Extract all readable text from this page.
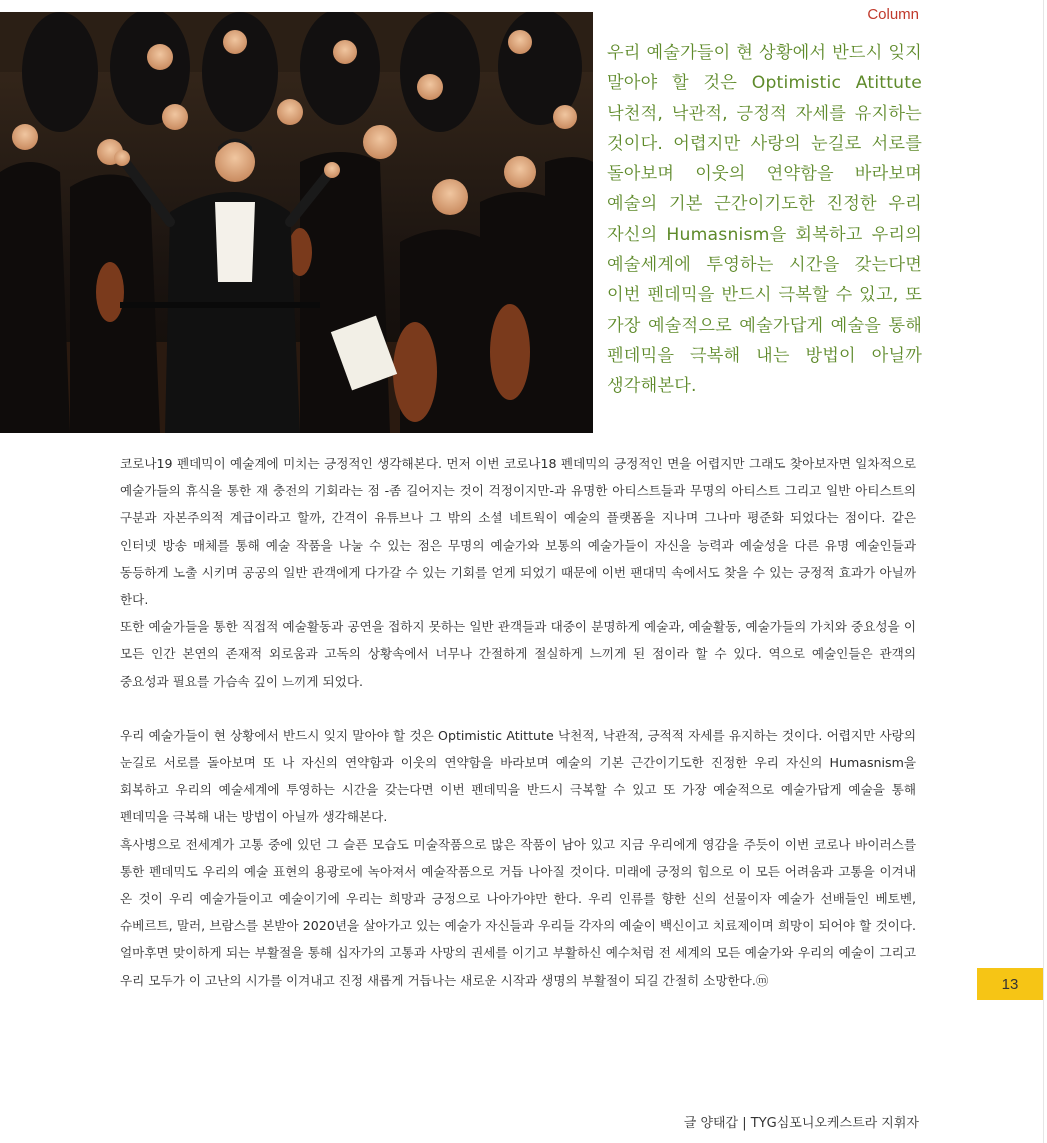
Column
우리 예술가들이 현 상황에서 반드시 잊지 말아야 할 것은 Optimistic Atittute 낙천적, 낙관적, 긍정적 자세를 유지하는 것이다. 어렵지만 사랑의 눈길로 서로를 돌아보며 이웃의 연약함을 바라보며 예술의 기본 근간이기도한 진정한 우리 자신의 Humasnism을 회복하고 우리의 예술세계에 투영하는 시간을 갖는다면 이번 펜데믹을 반드시 극복할 수 있고, 또 가장 예술적으로 예술가답게 예술을 통해 펜데믹을 극복해 내는 방법이 아닐까 생각해본다.

코로나19 펜데믹이 예술계에 미치는 긍정적인 생각해본다. 먼저 이번 코로나18 펜데믹의 긍정적인 면을 어렵지만 그래도 찾아보자면 일차적으로 예술가들의 휴식을 통한 재 충전의 기회라는 점 -좀 길어지는 것이 걱정이지만-과 유명한 아티스트들과 무명의 아티스트 그리고 일반 아티스트의 구분과 자본주의적 계급이라고 할까, 간격이 유튜브나 그 밖의 소셜 네트웍이 예술의 플랫폼을 지나며 그나마 평준화 되었다는 점이다. 같은 인터넷 방송 매체를 통해 예술 작품을 나눌 수 있는 점은 무명의 예술가와 보통의 예술가들이 자신을 능력과 예술성을 다른 유명 예술인들과 동등하게 노출 시키며 공공의 일반 관객에게 다가갈 수 있는 기회를 얻게 되었기 때문에 이번 팬대믹 속에서도 찾을 수 있는 긍정적 효과가 아닐까 한다.

또한 예술가들을 통한 직접적 예술활동과 공연을 접하지 못하는 일반 관객들과 대중이 분명하게 예술과, 예술활동, 예술가들의 가치와 중요성을 이 모든 인간 본연의 존재적 외로움과 고독의 상황속에서 너무나 간절하게 절실하게 느끼게 된 점이라 할 수 있다. 역으로 예술인들은 관객의 중요성과 필요를 가슴속 깊이 느끼게 되었다.

우리 예술가들이 현 상황에서 반드시 잊지 말아야 할 것은 Optimistic Atittute 낙천적, 낙관적, 긍적적 자세를 유지하는 것이다. 어렵지만 사랑의 눈길로 서로를 돌아보며 또 나 자신의 연약함과 이웃의 연약함을 바라보며 예술의 기본 근간이기도한 진정한 우리 자신의 Humasnism을 회복하고 우리의 예술세계에 투영하는 시간을 갖는다면 이번 펜데믹을 반드시 극복할 수 있고 또 가장 예술적으로 예술가답게 예술을 통해 펜데믹을 극복해 내는 방법이 아닐까 생각해본다.

흑사병으로 전세계가 고통 중에 있던 그 슬픈 모습도 미술작품으로 많은 작품이 남아 있고 지금 우리에게 영감을 주듯이 이번 코로나 바이러스를 통한 펜데믹도 우리의 예술 표현의 용광로에 녹아져서 예술작품으로 거듭 나아질 것이다. 미래에 긍정의 힘으로 이 모든 어려움과 고통을 이겨내 온 것이 우리 예술가들이고 예술이기에 우리는 희망과 긍정으로 나아가야만 한다. 우리 인류를 향한 신의 선물이자 예술가 선배들인 베토벤, 슈베르트, 말러, 브람스를 본받아 2020년을 살아가고 있는 예술가 자신들과 우리들 각자의 예술이 백신이고 치료제이며 희망이 되어야 할 것이다. 얼마후면 맞이하게 되는 부활절을 통해 십자가의 고통과 사망의 권세를 이기고 부활하신 예수처럼 전 세계의 모든 예술가와 우리의 예술이 그리고 우리 모두가 이 고난의 시가를 이겨내고 진정 새롭게 거듭나는 새로운 시작과 생명의 부활절이 되길 간절히 소망한다.ⓜ

글 양태갑 | TYG심포니오케스트라 지휘자
13
